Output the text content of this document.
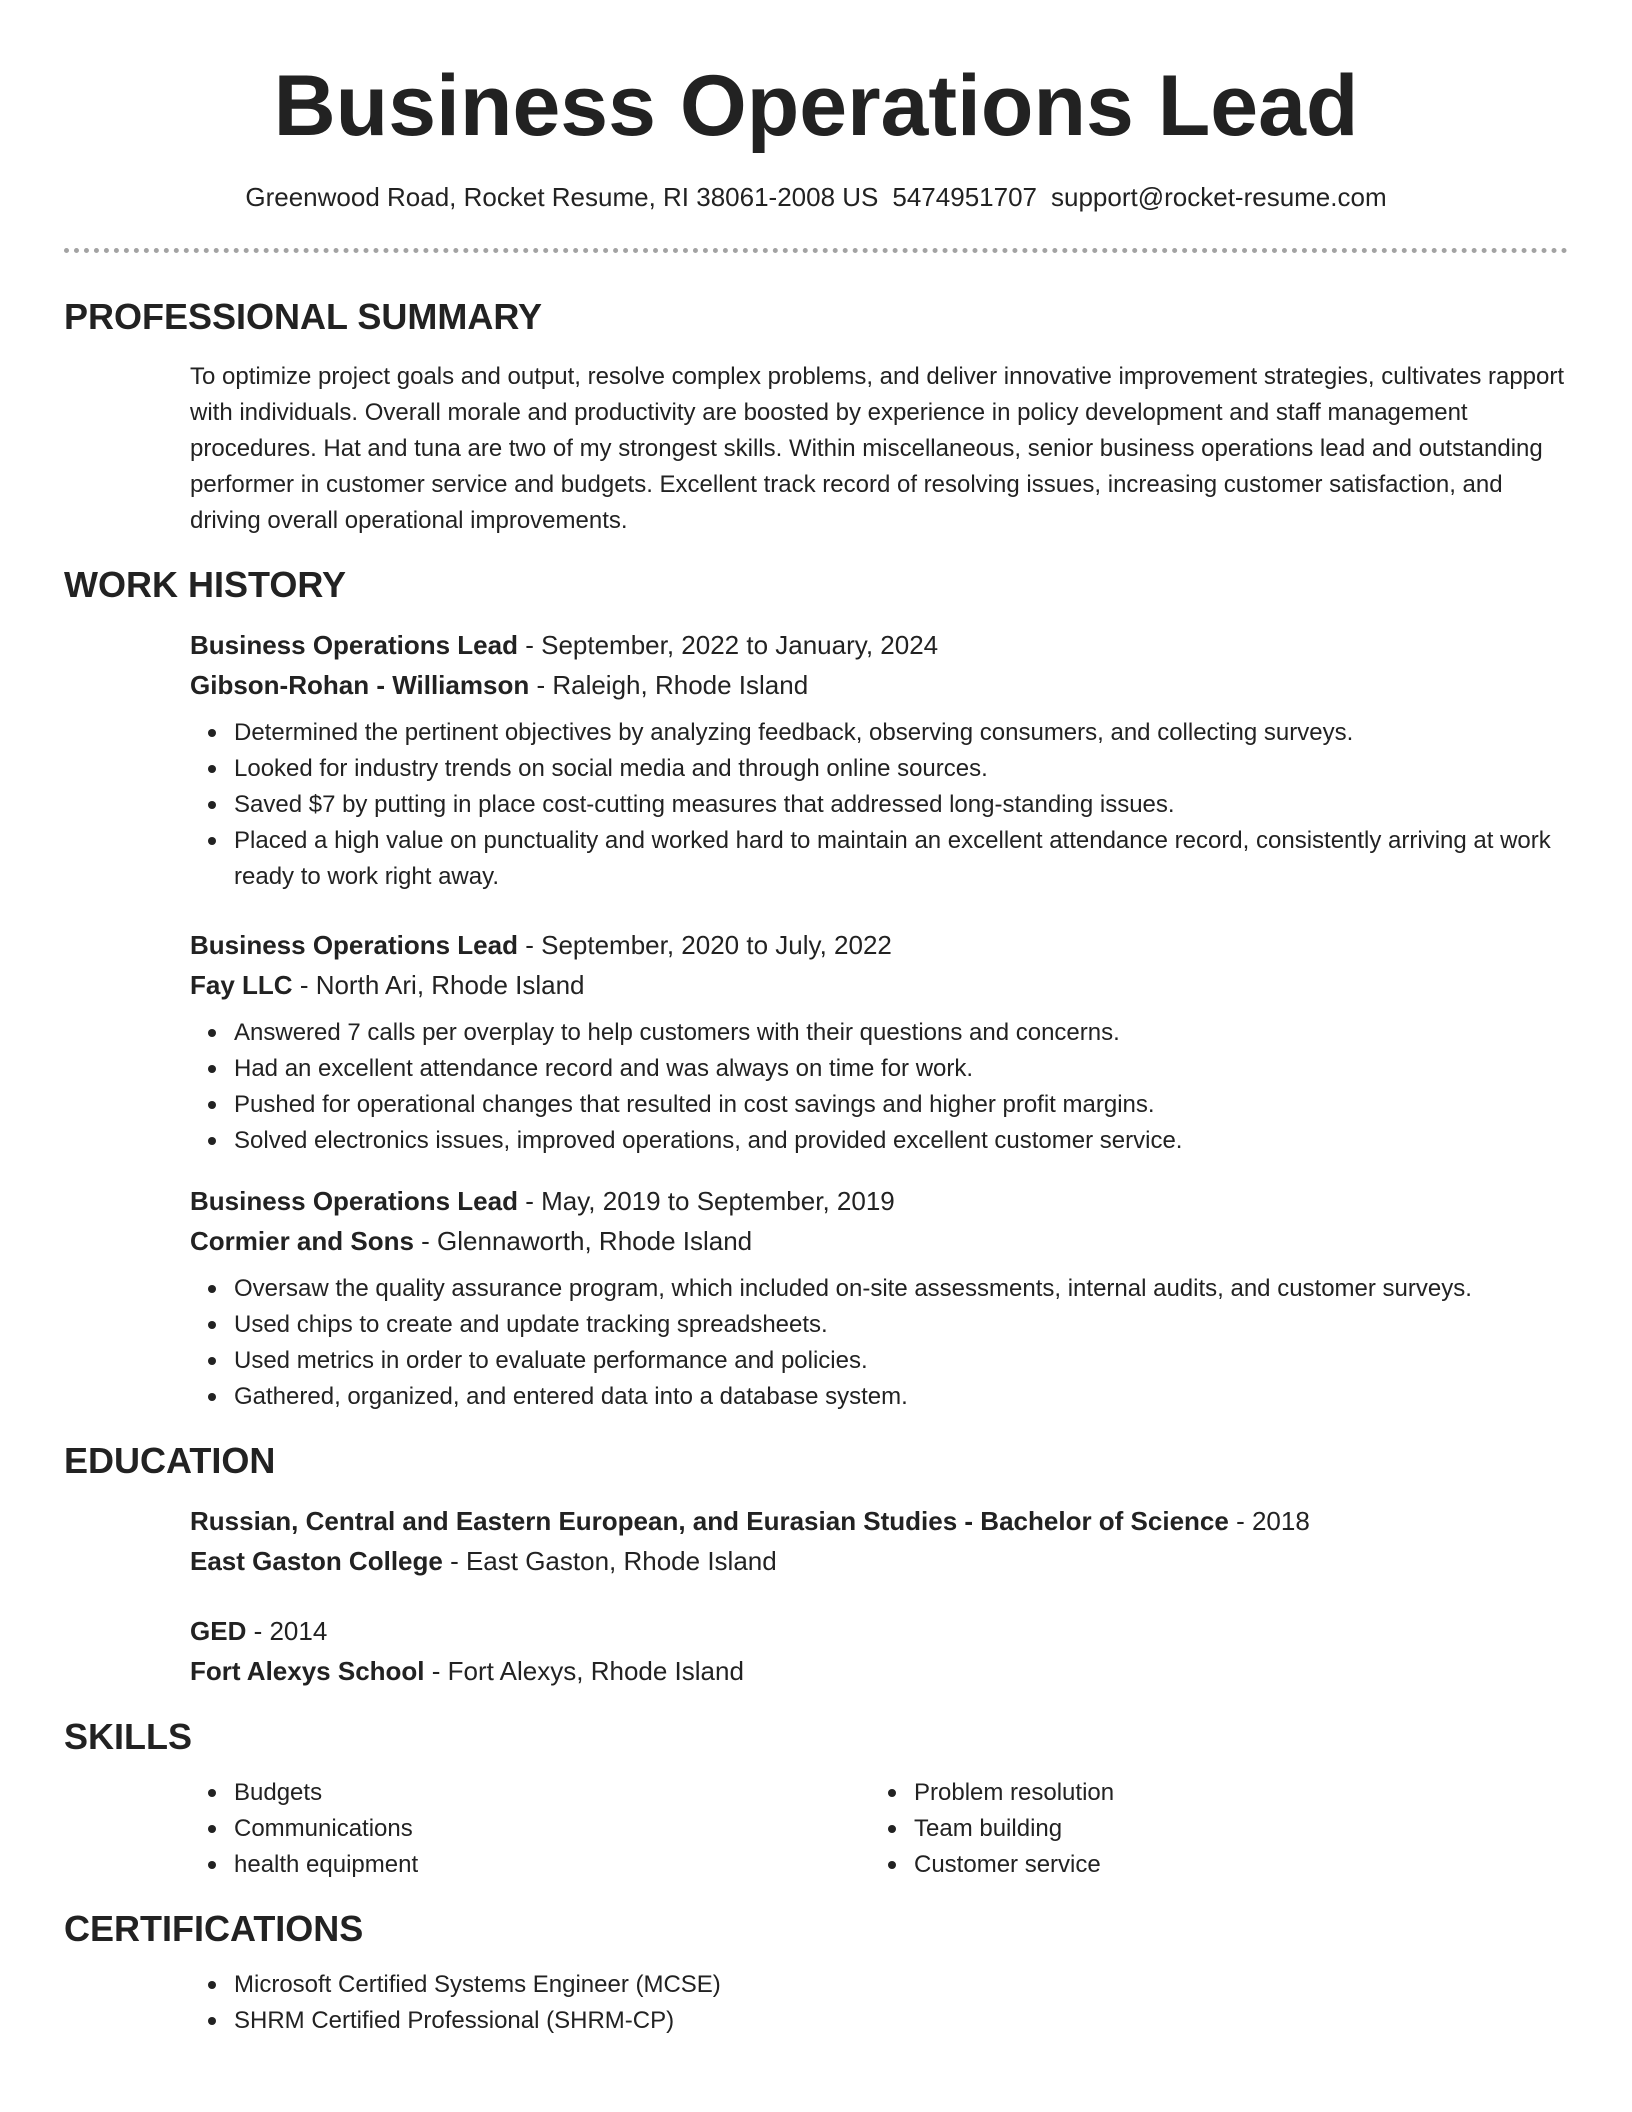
Business Operations Lead
Greenwood Road, Rocket Resume, RI 38061-2008 US 5474951707 support@rocket-resume.com
PROFESSIONAL SUMMARY

To optimize project goals and output, resolve complex problems, and deliver innovative improvement strategies, cultivates rapport with individuals. Overall morale and productivity are boosted by experience in policy development and staff management procedures. Hat and tuna are two of my strongest skills. Within miscellaneous, senior business operations lead and outstanding performer in customer service and budgets. Excellent track record of resolving issues, increasing customer satisfaction, and driving overall operational improvements.

WORK HISTORY

Business Operations Lead - September, 2022 to January, 2024

Gibson-Rohan - Williamson - Raleigh, Rhode Island

Determined the pertinent objectives by analyzing feedback, observing consumers, and collecting surveys.
Looked for industry trends on social media and through online sources.
Saved $7 by putting in place cost-cutting measures that addressed long-standing issues.
Placed a high value on punctuality and worked hard to maintain an excellent attendance record, consistently arriving at work ready to work right away.

Business Operations Lead - September, 2020 to July, 2022

Fay LLC - North Ari, Rhode Island

Answered 7 calls per overplay to help customers with their questions and concerns.
Had an excellent attendance record and was always on time for work.
Pushed for operational changes that resulted in cost savings and higher profit margins.
Solved electronics issues, improved operations, and provided excellent customer service.

Business Operations Lead - May, 2019 to September, 2019

Cormier and Sons - Glennaworth, Rhode Island

Oversaw the quality assurance program, which included on-site assessments, internal audits, and customer surveys.
Used chips to create and update tracking spreadsheets.
Used metrics in order to evaluate performance and policies.
Gathered, organized, and entered data into a database system.
EDUCATION

Russian, Central and Eastern European, and Eurasian Studies - Bachelor of Science - 2018

East Gaston College - East Gaston, Rhode Island

GED - 2014

Fort Alexys School - Fort Alexys, Rhode Island

SKILLS
Budgets
Communications
health equipment
Problem resolution
Team building
Customer service
CERTIFICATIONS
Microsoft Certified Systems Engineer (MCSE)
SHRM Certified Professional (SHRM-CP)
